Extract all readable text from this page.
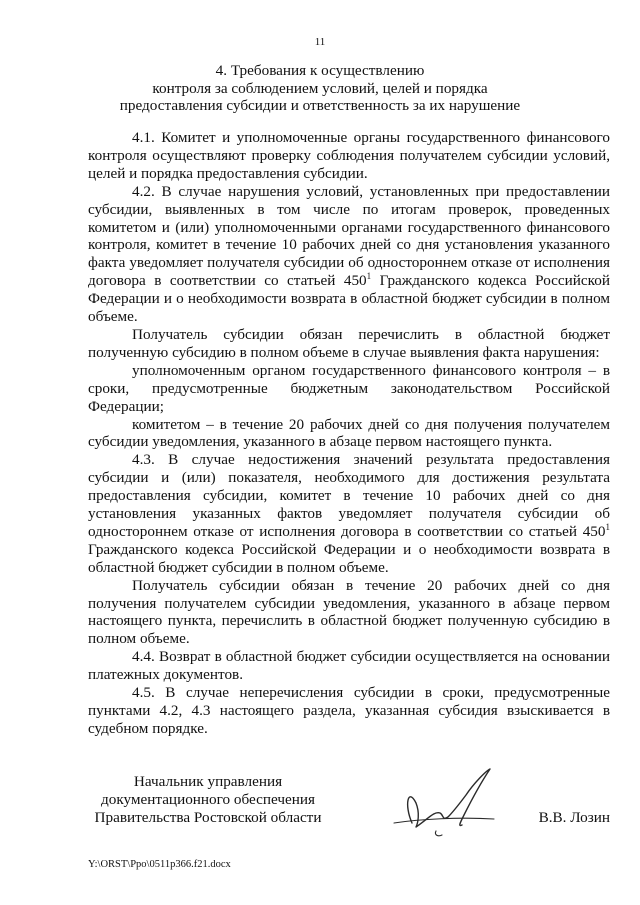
11
4. Требования к осуществлению
контроля за соблюдением условий, целей и порядка
предоставления субсидии и ответственность за их нарушение

4.1. Комитет и уполномоченные органы государственного финансового контроля осуществляют проверку соблюдения получателем субсидии условий, целей и порядка предоставления субсидии.

4.2. В случае нарушения условий, установленных при предоставлении субсидии, выявленных в том числе по итогам проверок, проведенных комитетом и (или) уполномоченными органами государственного финансового контроля, комитет в течение 10 рабочих дней со дня установления указанного факта уведомляет получателя субсидии об одностороннем отказе от исполнения договора в соответствии со статьей $450^1$ Гражданского кодекса Российской Федерации и о необходимости возврата в областной бюджет субсидии в полном объеме.

Получатель субсидии обязан перечислить в областной бюджет полученную субсидию в полном объеме в случае выявления факта нарушения:

уполномоченным органом государственного финансового контроля – в сроки, предусмотренные бюджетным законодательством Российской Федерации;

комитетом – в течение 20 рабочих дней со дня получения получателем субсидии уведомления, указанного в абзаце первом настоящего пункта.

4.3. В случае недостижения значений результата предоставления субсидии и (или) показателя, необходимого для достижения результата предоставления субсидии, комитет в течение 10 рабочих дней со дня установления указанных фактов уведомляет получателя субсидии об одностороннем отказе от исполнения договора в соответствии со статьей $450^1$ Гражданского кодекса Российской Федерации и о необходимости возврата в областной бюджет субсидии в полном объеме.

Получатель субсидии обязан в течение 20 рабочих дней со дня получения получателем субсидии уведомления, указанного в абзаце первом настоящего пункта, перечислить в областной бюджет полученную субсидию в полном объеме.

4.4. Возврат в областной бюджет субсидии осуществляется на основании платежных документов.

4.5. В случае неперечисления субсидии в сроки, предусмотренные пунктами 4.2, 4.3 настоящего раздела, указанная субсидия взыскивается в судебном порядке.

Начальник управления
документационного обеспечения
Правительства Ростовской области	В.В. Лозин
Y:\ORST\Ppo\0511p366.f21.docx
